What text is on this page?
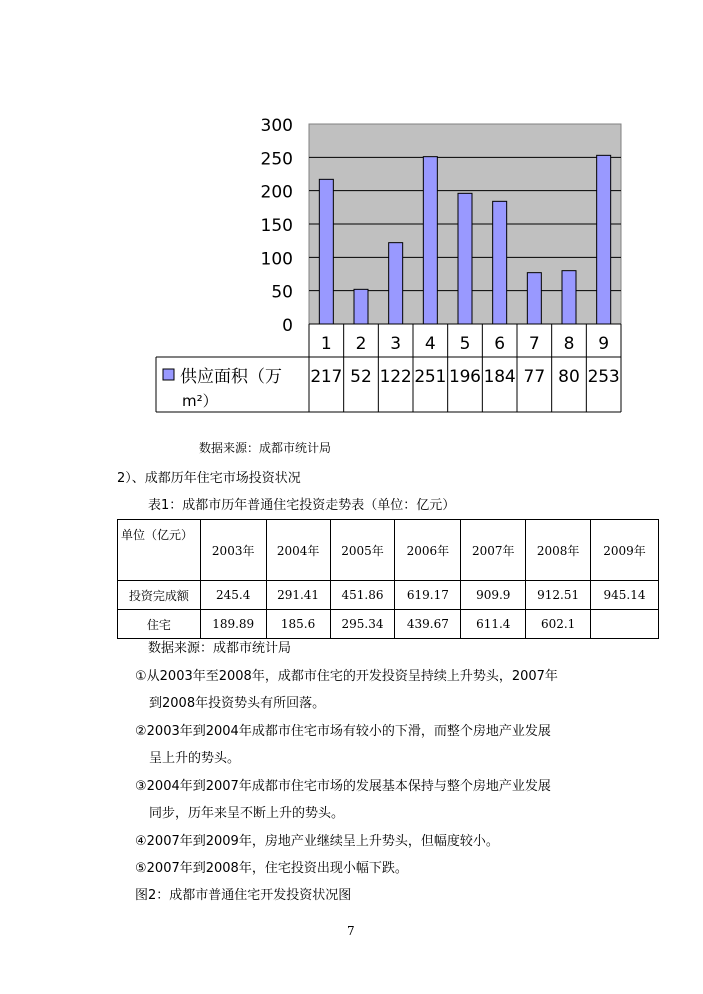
300
250
200
150
100
50
0
1 2 3 4 5 6 7 8 9
217 52 122 251 196 184 77 80 253
供应面积（万
m²）
数据来源：成都市统计局
2）、成都历年住宅市场投资状况
表1：成都市历年普通住宅投资走势表（单位：亿元）
单位（亿元）	2003年	2004年	2005年	2006年	2007年	2008年	2009年
投资完成额	245.4	291.41	451.86	619.17	909.9	912.51	945.14
住宅	189.89	185.6	295.34	439.67	611.4	602.1	
数据来源：成都市统计局
①从2003年至2008年，成都市住宅的开发投资呈持续上升势头，2007年
到2008年投资势头有所回落。
②2003年到2004年成都市住宅市场有较小的下滑，而整个房地产业发展
呈上升的势头。
③2004年到2007年成都市住宅市场的发展基本保持与整个房地产业发展
同步，历年来呈不断上升的势头。
④2007年到2009年，房地产业继续呈上升势头，但幅度较小。
⑤2007年到2008年，住宅投资出现小幅下跌。
图2：成都市普通住宅开发投资状况图
7
